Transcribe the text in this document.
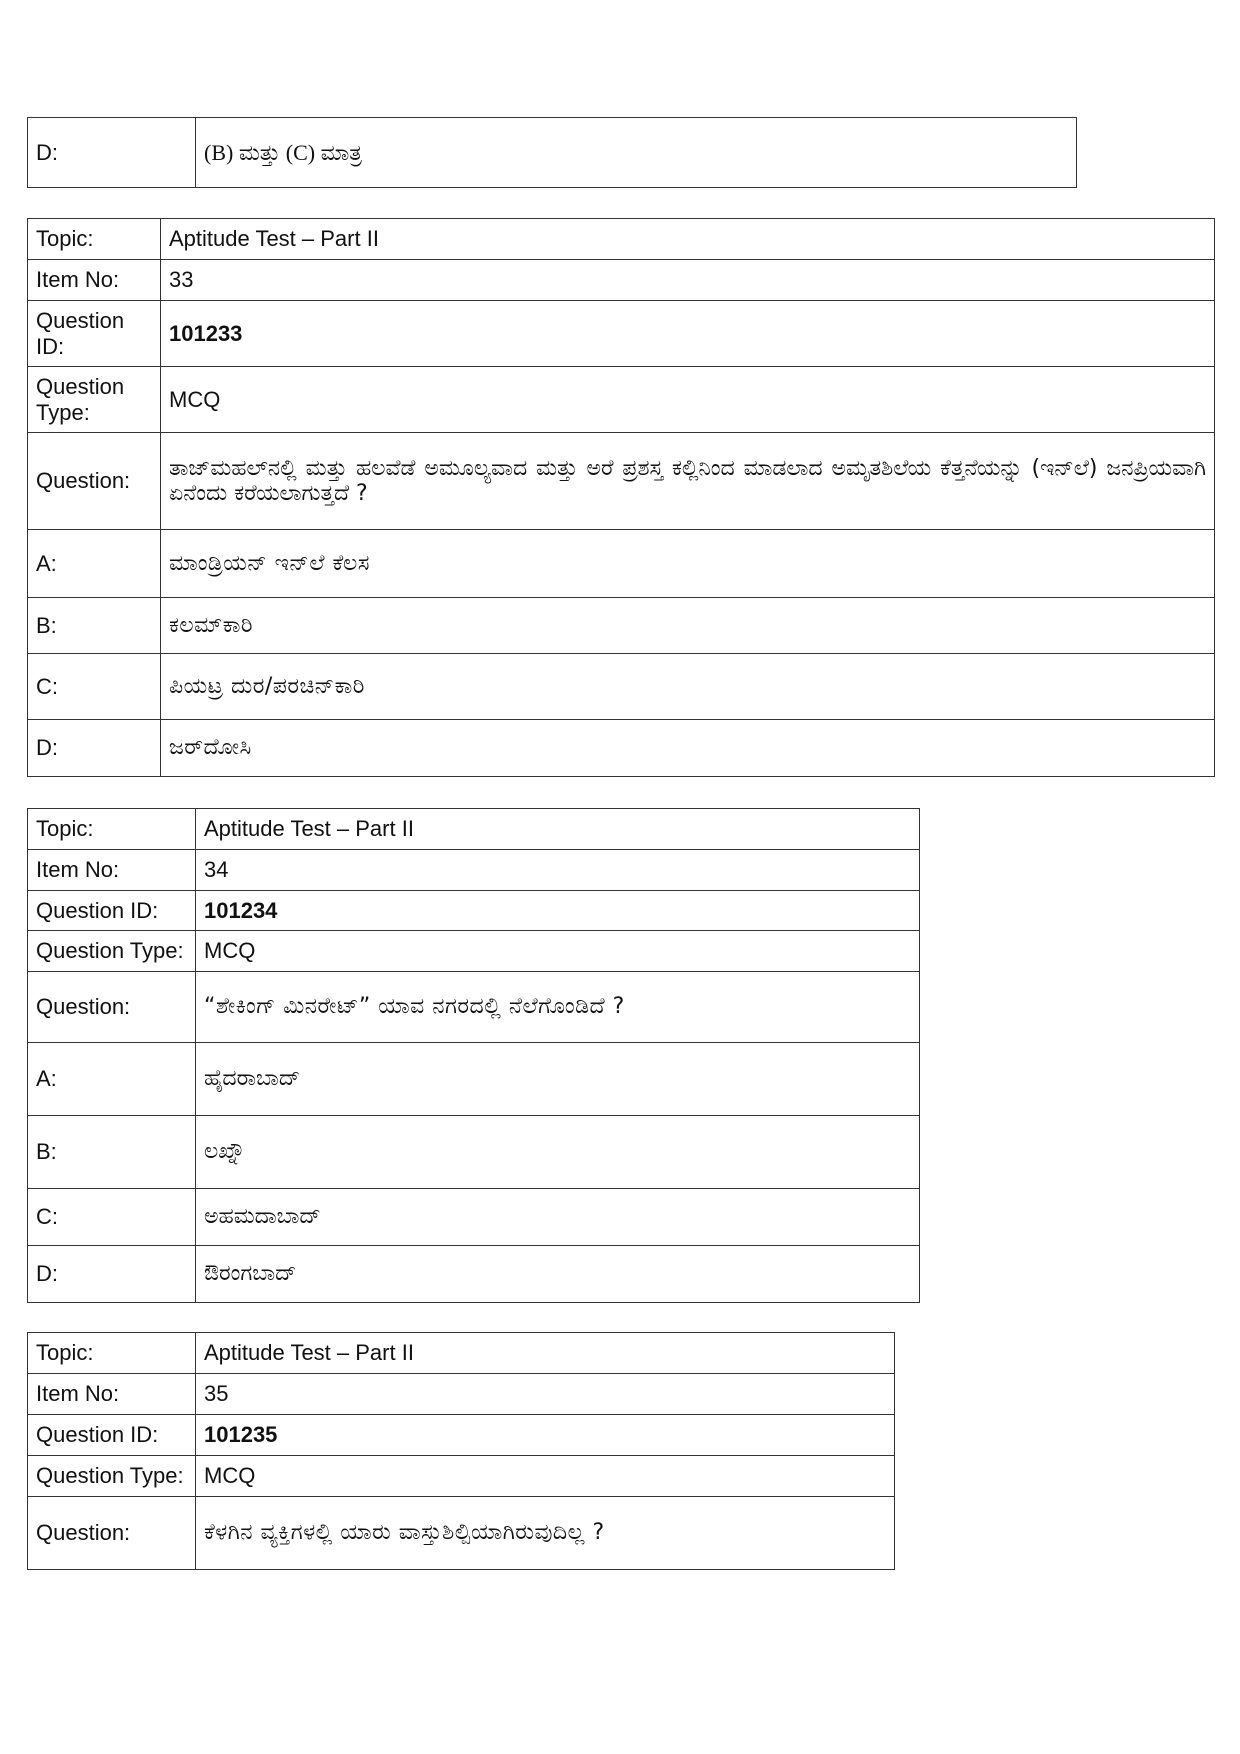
D:	(B) ಮತ್ತು (C) ಮಾತ್ರ
Topic:	Aptitude Test – Part II
Item No:	33
Question ID:	101233
Question Type:	MCQ
Question:	ತಾಜ್‌ಮಹಲ್‌ನಲ್ಲಿ ಮತ್ತು ಹಲವೆಡೆ ಅಮೂಲ್ಯವಾದ ಮತ್ತು ಅರೆ ಪ್ರಶಸ್ತ ಕಲ್ಲಿನಿಂದ ಮಾಡಲಾದ ಅಮೃತಶಿಲೆಯ ಕೆತ್ತನೆಯನ್ನು (ಇನ್‌ಲೆ) ಜನಪ್ರಿಯವಾಗಿ ಏನೆಂದು ಕರೆಯಲಾಗುತ್ತದೆ ?
A:	ಮಾಂಡ್ರಿಯನ್ ಇನ್‌ಲೆ ಕೆಲಸ
B:	ಕಲಮ್‌ಕಾರಿ
C:	ಪಿಯಟ್ರ ದುರ/ಪರಚಿನ್‌ಕಾರಿ
D:	ಜರ್‌ದೋಸಿ
Topic:	Aptitude Test – Part II
Item No:	34
Question ID:	101234
Question Type:	MCQ
Question:	“ಶೇಕಿಂಗ್ ಮಿನರೇಟ್” ಯಾವ ನಗರದಲ್ಲಿ ನೆಲೆಗೊಂಡಿದೆ ?
A:	ಹೈದರಾಬಾದ್
B:	ಲಖ್ನೌ
C:	ಅಹಮದಾಬಾದ್
D:	ಔರಂಗಬಾದ್
Topic:	Aptitude Test – Part II
Item No:	35
Question ID:	101235
Question Type:	MCQ
Question:	ಕೆಳಗಿನ ವ್ಯಕ್ತಿಗಳಲ್ಲಿ ಯಾರು ವಾಸ್ತುಶಿಲ್ಪಿಯಾಗಿರುವುದಿಲ್ಲ ?
